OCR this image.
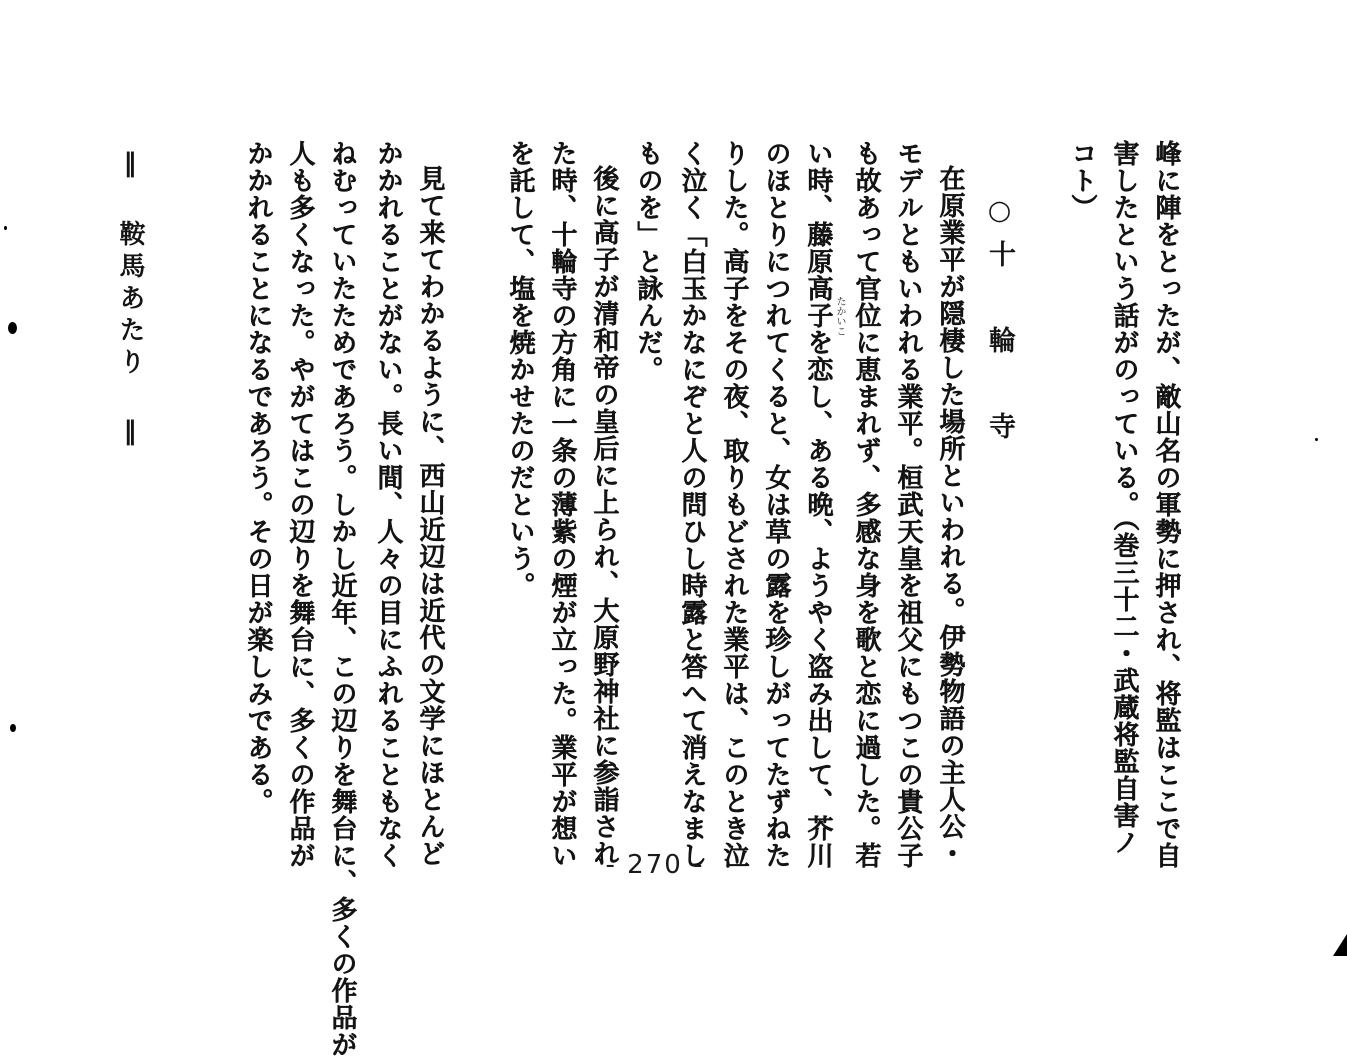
峰に陣をとったが、敵山名の軍勢に押され、将監はここで自
害したという話がのっている。（巻三十二・武蔵将監自害ノ
コト）
○十 輪 寺
在原業平が隠棲した場所といわれる。伊勢物語の主人公・
モデルともいわれる業平。桓武天皇を祖父にもつこの貴公子
も故あって官位に恵まれず、多感な身を歌と恋に過した。若
たかいこ
い時、藤原高子を恋し、ある晩、ようやく盗み出して、芥川
のほとりにつれてくると、女は草の露を珍しがってたずねた
りした。高子をその夜、取りもどされた業平は、このとき泣
く泣く「白玉かなにぞと人の問ひし時露と答へて消えなまし
ものを」と詠んだ。
後に高子が清和帝の皇后に上られ、大原野神社に参詣され
た時、十輪寺の方角に一条の薄紫の煙が立った。業平が想い
を託して、塩を焼かせたのだという。
見て来てわかるように、西山近辺は近代の文学にほとんど
かかれることがない。長い間、人々の目にふれることもなく
ねむっていたためであろう。しかし近年、この辺りを舞台に、多くの作品が
人も多くなった。やがてはこの辺りを舞台に、多くの作品が
かかれることになるであろう。その日が楽しみである。
‖ 鞍馬あたり ‖
- 270 -
